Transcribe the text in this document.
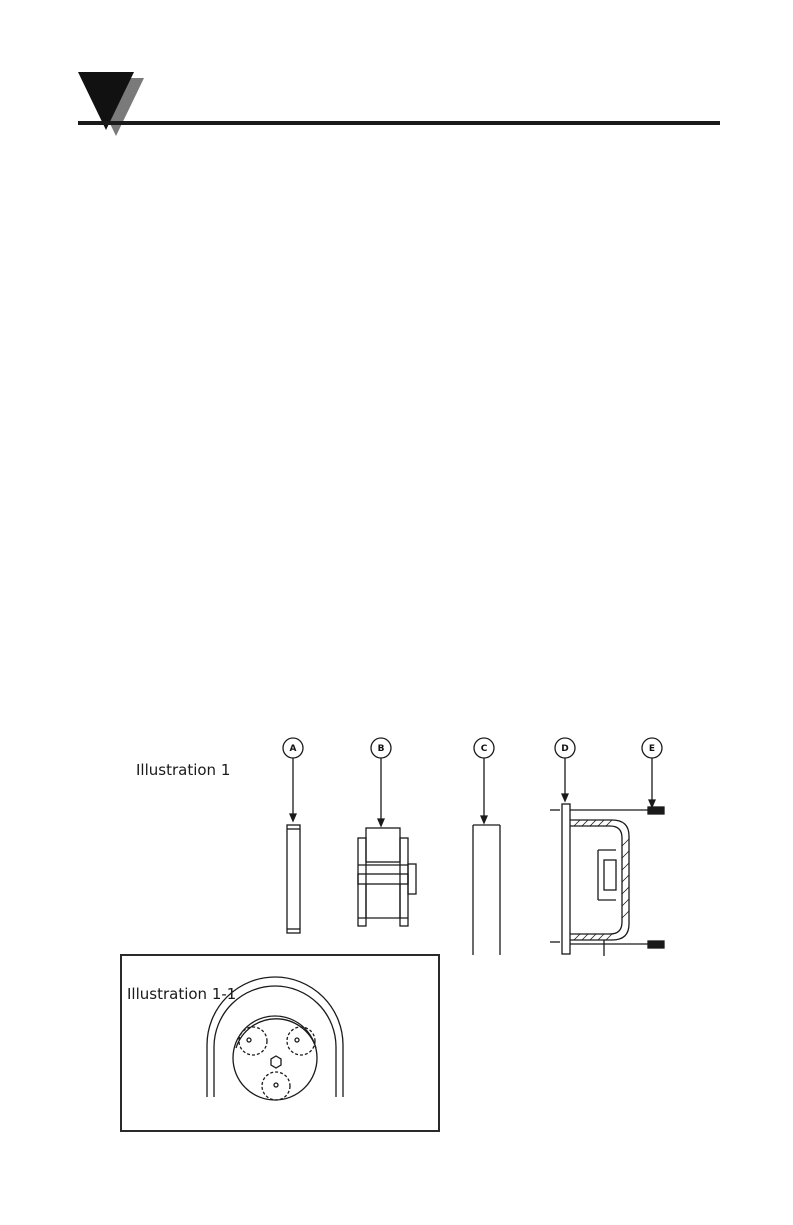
Illustration 1
A	B	C	D	E
Illustration 1-1
